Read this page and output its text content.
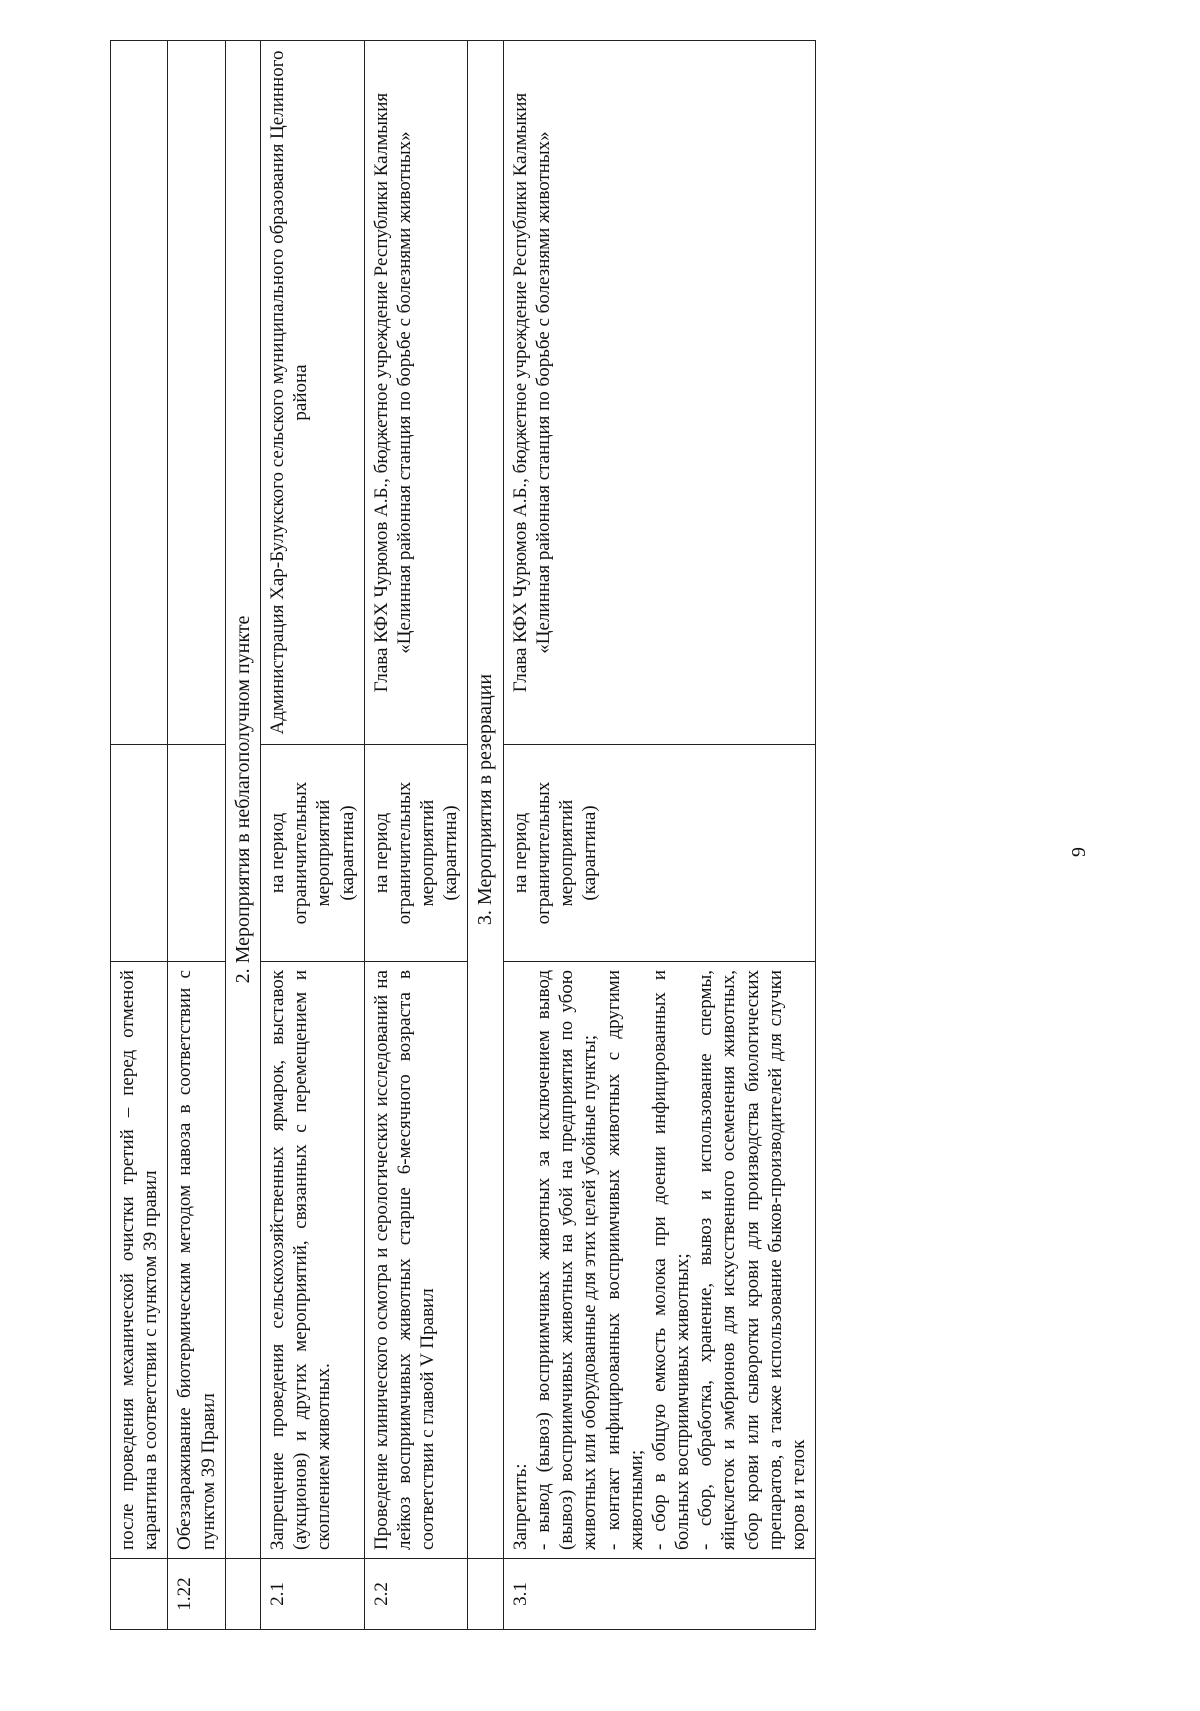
	после проведения механической очистки третий – перед отменой карантина в соответствии с пунктом 39 правил		
1.22	Обеззараживание биотермическим методом навоза в соответствии с пунктом 39 Правил		
	2. Мероприятия в неблагополучном пункте		
2.1	Запрещение проведения сельскохозяйственных ярмарок, выставок (аукционов) и других мероприятий, связанных с перемещением и скоплением животных.	на период ограничительных мероприятий (карантина)	Администрация Хар-Булукского сельского муниципального образования Целинного района
2.2	Проведение клинического осмотра и серологических исследований на лейкоз восприимчивых животных старше 6-месячного возраста в соответствии с главой V Правил	на период ограничительных мероприятий (карантина)	Глава КФХ Чурюмов А.Б., бюджетное учреждение Республики Калмыкия «Целинная районная станция по борьбе с болезнями животных»
	3. Мероприятия в резервации		
3.1	Запретить: - вывод (вывоз) восприимчивых животных за исключением вывод (вывоз) восприимчивых животных на убой на предприятия по убою животных или оборудованные для этих целей убойные пункты; - контакт инфицированных восприимчивых животных с другими животными; - сбор в общую емкость молока при доении инфицированных и больных восприимчивых животных; - сбор, обработка, хранение, вывоз и использование спермы, яйцеклеток и эмбрионов для искусственного осеменения животных, сбор крови или сыворотки крови для производства биологических препаратов, а также использование быков-производителей для случки коров и телок	на период ограничительных мероприятий (карантина)	Глава КФХ Чурюмов А.Б., бюджетное учреждение Республики Калмыкия «Целинная районная станция по борьбе с болезнями животных»
9
